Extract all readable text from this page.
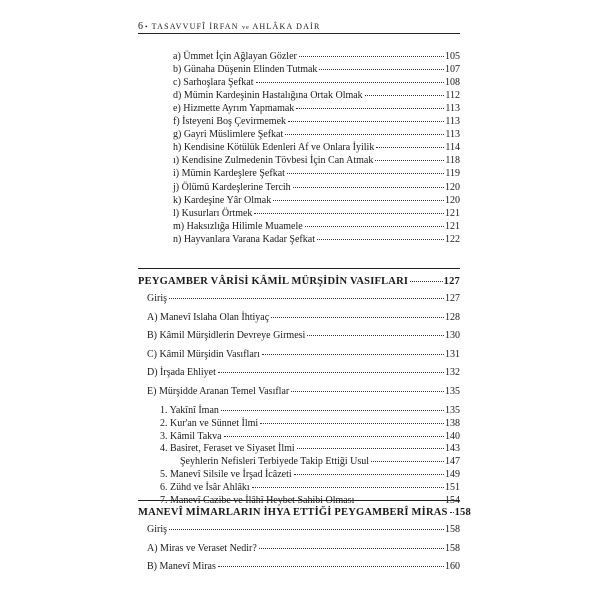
6 • TASAVVUFÎ İRFAN ve AHLÂKA DAİR
a) Ümmet İçin Ağlayan Gözler	105
b) Günaha Düşenin Elinden Tutmak	107
c) Sarhoşlara Şefkat	108
d) Mümin Kardeşinin Hastalığına Ortak Olmak	112
e) Hizmette Ayrım Yapmamak	113
f) İsteyeni Boş Çevirmemek	113
g) Gayri Müslimlere Şefkat	113
h) Kendisine Kötülük Edenleri Af ve Onlara İyilik	114
ı) Kendisine Zulmedenin Tövbesi İçin Can Atmak	118
i) Mümin Kardeşlere Şefkat	119
j) Ölümü Kardeşlerine Tercih	120
k) Kardeşine Yâr Olmak	120
l) Kusurları Örtmek	121
m) Haksızlığa Hilimle Muamele	121
n) Hayvanlara Varana Kadar Şefkat	122
PEYGAMBER VÂRİSİ KÂMİL MÜRŞİDİN VASIFLARI	127
Giriş	127
A) Manevî Islaha Olan İhtiyaç	128
B) Kâmil Mürşidlerin Devreye Girmesi	130
C) Kâmil Mürşidin Vasıfları	131
D) İrşada Ehliyet	132
E) Mürşidde Aranan Temel Vasıflar	135
1. Yakînî İman	135
2. Kur'an ve Sünnet İlmi	138
3. Kâmil Takva	140
4. Basiret, Feraset ve Siyaset İlmi	143
Şeyhlerin Nefisleri Terbiyede Takip Ettiği Usul	147
5. Manevî Silsile ve İrşad İcâzeti	149
6. Zühd ve İsâr Ahlâkı	151
7. Manevî Cazibe ve İlâhî Heybet Sahibi Olması	154
MANEVÎ MİMARLARIN İHYA ETTİĞİ PEYGAMBERÎ MİRAS 158
Giriş	158
A) Miras ve Veraset Nedir?	158
B) Manevî Miras	160
